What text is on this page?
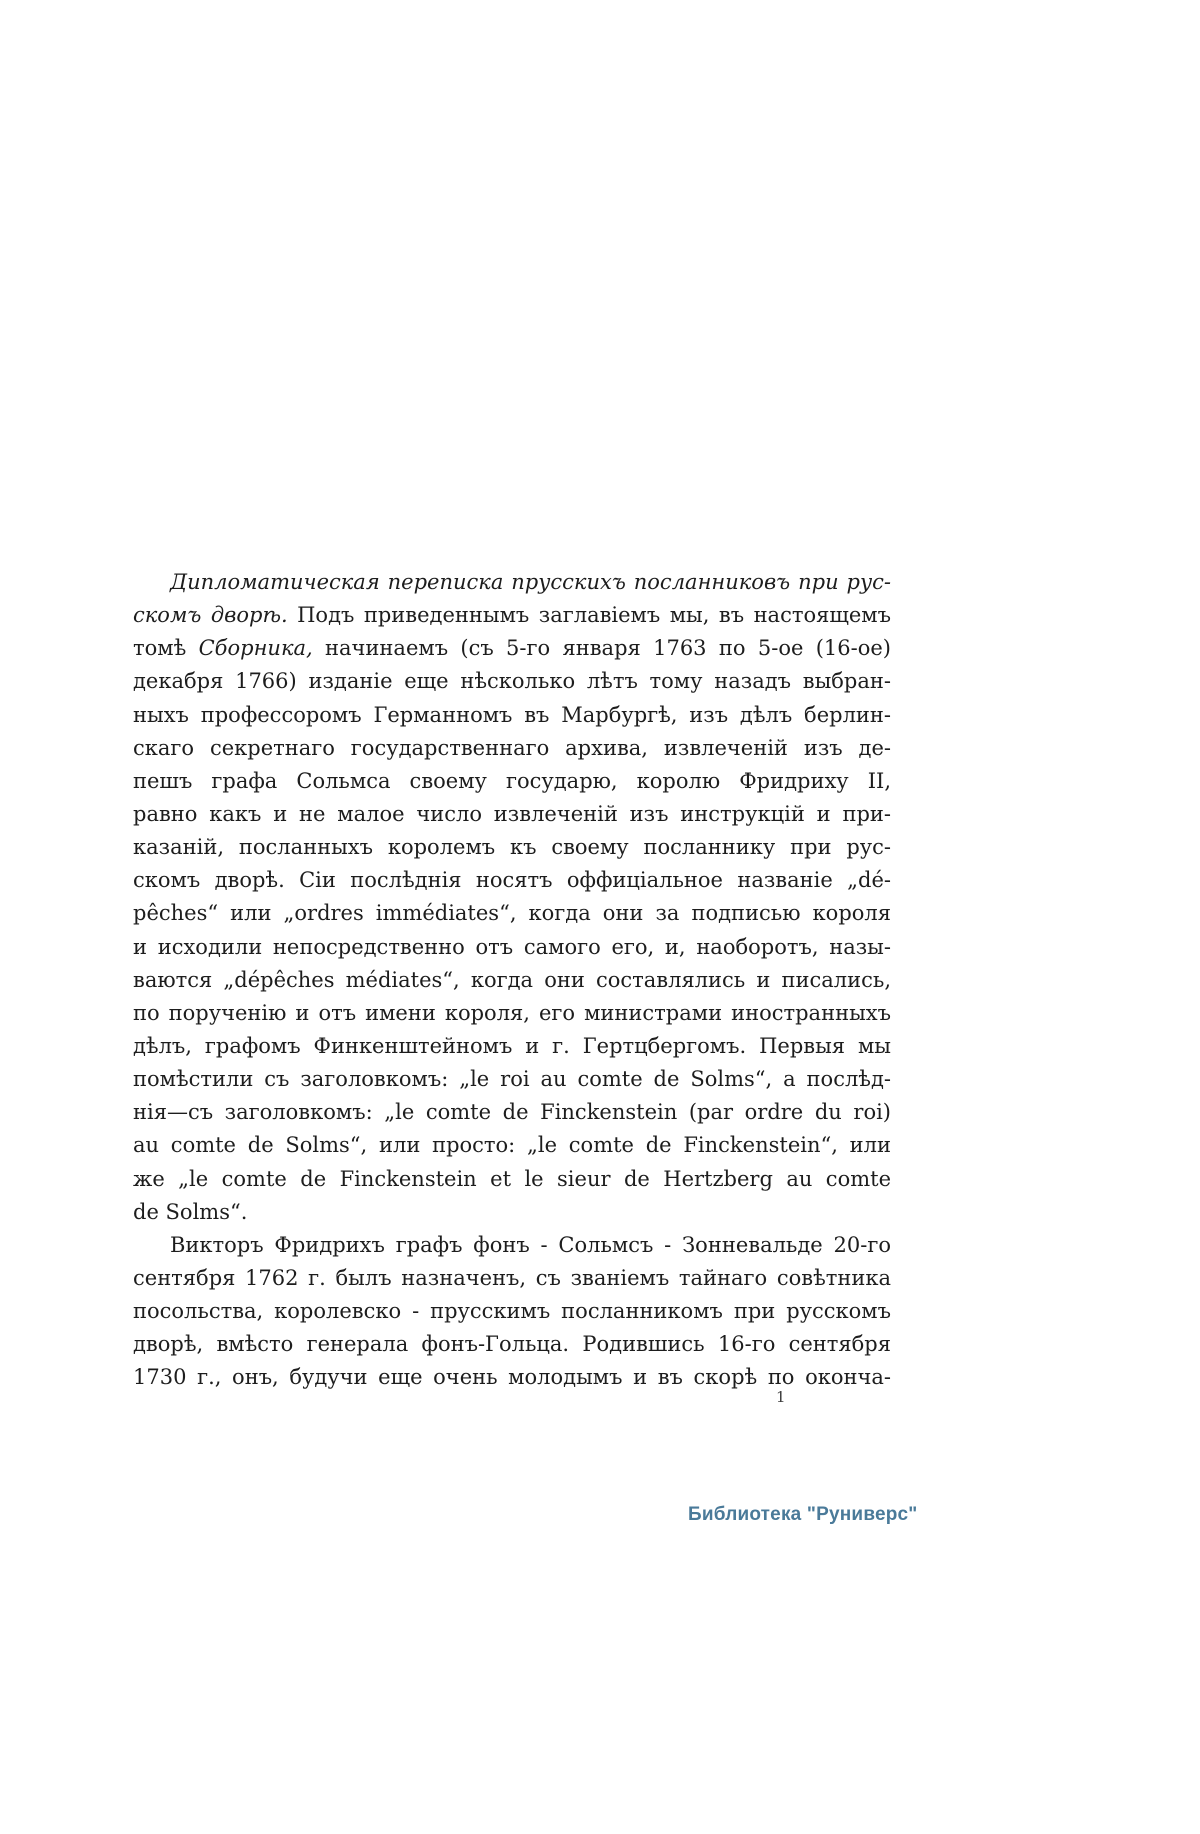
Дипломатическая переписка прусскихъ посланниковъ при рус-
скомъ дворѣ. Подъ приведеннымъ заглавіемъ мы, въ настоящемъ
томѣ Сборника, начинаемъ (съ 5-го января 1763 по 5-ое (16-ое)
декабря 1766) изданіе еще нѣсколько лѣтъ тому назадъ выбран-
ныхъ профессоромъ Германномъ въ Марбургѣ, изъ дѣлъ берлин-
скаго секретнаго государственнаго архива, извлеченій изъ де-
пешъ графа Сольмса своему государю, королю Фридриху II,
равно какъ и не малое число извлеченій изъ инструкцій и при-
казаній, посланныхъ королемъ къ своему посланнику при рус-
скомъ дворѣ. Сіи послѣднія носятъ оффиціальное названіе „dé-
pêches“ или „ordres immédiates“, когда они за подписью короля
и исходили непосредственно отъ самого его, и, наоборотъ, назы-
ваются „dépêches médiates“, когда они составлялись и писались,
по порученію и отъ имени короля, его министрами иностранныхъ
дѣлъ, графомъ Финкенштейномъ и г. Гертцбергомъ. Первыя мы
помѣстили съ заголовкомъ: „le roi au comte de Solms“, а послѣд-
нія—съ заголовкомъ: „le comte de Finckenstein (par ordre du roi)
au comte de Solms“, или просто: „le comte de Finckenstein“, или
же „le comte de Finckenstein et le sieur de Hertzberg au comte
de Solms“.
Викторъ Фридрихъ графъ фонъ - Сольмсъ - Зонневальде 20-го
сентября 1762 г. былъ назначенъ, съ званіемъ тайнаго совѣтника
посольства, королевско - прусскимъ посланникомъ при русскомъ
дворѣ, вмѣсто генерала фонъ-Гольца. Родившись 16-го сентября
1730 г., онъ, будучи еще очень молодымъ и въ скорѣ по оконча-
1
Библиотека "Руниверс"
